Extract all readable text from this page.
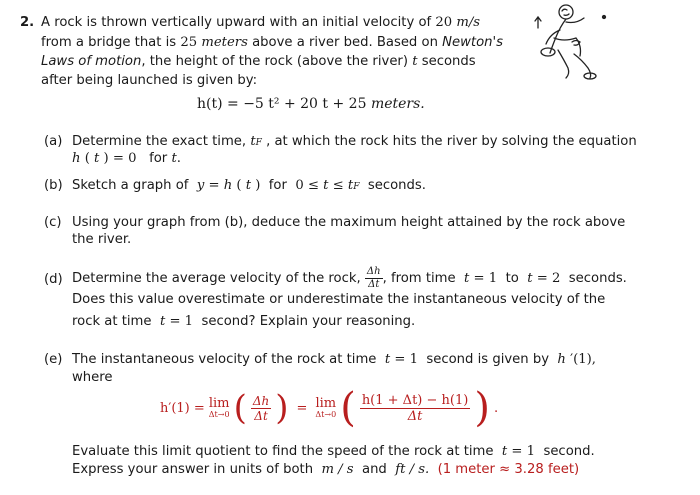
2. A rock is thrown vertically upward with an initial velocity of 20 m/s
from a bridge that is 25 meters above a river bed. Based on Newton's
Laws of motion, the height of the rock (above the river) t seconds
after being launched is given by:
h(t) = −5 t² + 20 t + 25 meters.
(a) Determine the exact time, tF , at which the rock hits the river by solving the equation
h ( t ) = 0   for t.
(b) Sketch a graph of y = h ( t )  for  0 ≤ t ≤ tF seconds.
(c) Using your graph from (b), deduce the maximum height attained by the rock above
the river.
(d) Determine the average velocity of the rock, $\frac{\Delta h}{\Delta t}$ , from time t = 1  to t = 2  seconds.
Does this value overestimate or underestimate the instantaneous velocity of the
rock at time t = 1  second? Explain your reasoning.
(e) The instantaneous velocity of the rock at time t = 1  second is given by h ′(1),
where
h′(1) = lim
Δt→0 ( $\frac{\Delta h}{\Delta t}$ ) = lim
Δt→0 ( $\frac{h(1 + \Delta t) - h(1)}{\Delta t}$ ) .
Evaluate this limit quotient to find the speed of the rock at time t = 1  second.
Express your answer in units of both m / s and ft / s. (1 meter ≈ 3.28 feet)
